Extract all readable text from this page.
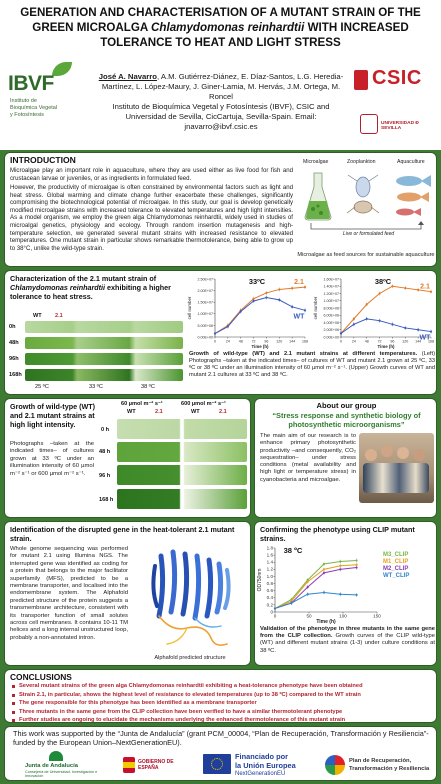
GENERATION AND CHARACTERISATION OF A MUTANT STRAIN OF THE GREEN MICROALGA Chlamydomonas reinhardtii WITH INCREASED TOLERANCE TO HEAT AND LIGHT STRESS
IBVF
Instituto de
Bioquímica Vegetal
y Fotosíntesis
José A. Navarro, A.M. Gutiérrez-Diánez, E. Díaz-Santos, L.G. Heredia-Martínez, L. López-Maury, J. Giner-Lamia, M. Hervás, J.M. Ortega, M. Roncel
Instituto de Bioquímica Vegetal y Fotosíntesis (IBVF), CSIC and Universidad de Sevilla, CicCartuja, Sevilla-Spain. Email: jnavarro@ibvf.csic.es
CSIC
UNIVERSIDAD Đ SEVILLA
INTRODUCTION
Microalgae play an important role in aquaculture, where they are used either as live food for fish and crustacean larvae or juveniles, or as ingredients in formulated feed.
However, the productivity of microalgae is often constrained by environmental factors such as light and heat stress. Global warming and climate change further exacerbate these challenges, significantly compromising the biotechnological potential of microalgae. In this study, our goal is develop genetically modified microalgae strains with increased tolerance to elevated temperatures and high light intensities. As a model organism, we employ the green alga Chlamydomonas reinhardtii, widely used in studies of microalgal genetics, physiology and ecology. Through random insertion mutagenesis and high-temperature selection, we generated several mutant strains with increased resistance to elevated temperatures. One mutant strain in particular shows remarkable thermotolerance, being able to grow up to 38°C, unlike the wild-type strain.
Microalgae	Zooplankton	Aquaculture
Live or formulated feed
Microalgae as feed sources for sustainable aquaculture
Characterization of the 2.1 mutant strain of Chlamydomonas reinhardtii exhibiting a higher tolerance to heat stress.
WT 2.1
0h
48h
96h
168h
25 ºC	33 ºC	38 ºC
0.00E+00
5.00E+06
1.00E+07
1.50E+07
2.00E+07
2.50E+07
0	24 48 72 96 120 144 168
Time (h)
cell number
33ºC	2.1
WT
0.00E+00
2.00E+06
4.00E+06
6.00E+06
8.00E+06
1.00E+07
1.20E+07
1.40E+07
1.60E+07
0	24 48 72 96 120 144 168
Time (h)
cell number
38ºC
2.1
WT
Growth of wild-type (WT) and 2.1 mutant strains at different temperatures. (Left) Photographs –taken at the indicated times– of cultures of WT and mutant 2.1 grown at 25 ºC, 33 ºC or 38 ºC under an illumination intensity of 60 µmol m⁻² s⁻¹. (Upper) Growth curves of WT and mutant 2.1 cultures at 33 ºC and 38 ºC.
Growth of wild-type (WT) and 2.1 mutant strains at high light intensity.
Photographs –taken at the indicated times– of cultures grown at 33 ºC under an illumination intensity of 60 µmol m⁻² s⁻¹ or 600 µmol m⁻² s⁻¹.
60 µmol m⁻² s⁻¹	600 µmol m⁻² s⁻¹
WT	2.1	WT	2.1
0 h
48 h
96 h
168 h
About our group
“Stress response and synthetic biology of photosynthetic microorganisms”
The main aim of our research is to enhance primary photosynthetic productivity –and consequently, CO₂ sequestration– under stress conditions (metal availability and high light or temperature stress) in cyanobacteria and microalgae.
Identification of the disrupted gene in the heat-tolerant 2.1 mutant strain.
Whole genome sequencing was performed for mutant 2.1 using Illumina NGS. The interrupted gene was identified as coding for a protein that belongs to the major facilitator superfamily (MFS), predicted to be a membrane transporter, and localised into the endomembrane system. The Alphafold predicted structure of the protein suggests a transmembrane architecture, consistent with its transporter function of small solutes across cell membranes. It contains 10-11 TM helices and a long internal unstructured loop, probably a non-annotated intron.
Alphafold predicted structure
Confirming the phenotype using CLIP mutant strains.
0
0.2
0.4
0.6
0.8
1.0
1.2
1.4
1.6
1.8
0	50	100	150
Time (h)
OD750nm
38 ºC	M3_CLIP
M1_CLIP
M2_CLIP
WT_CLIP
Validation of the phenotype in three mutants in the same gene from the CLIP collection. Growth curves of the CLIP wild-type (WT) and different mutant strains (1-3) under culture conditions at 38 ºC.
CONCLUSIONS
Several mutant strains of the green alga Chlamydomonas reinhardtii exhibiting a heat-tolerance phenotype have been obtained
Strain 2.1, in particular, shows the highest level of resistance to elevated temperatures (up to 38 ºC) compared to the WT strain
The gene responsible for this phenotype has been identified as a membrane transporter
Three mutants in the same gene from the CLIP collection have been verified to have a similar thermotolerant phenotype
Further studies are ongoing to elucidate the mechanisms underlying the enhanced thermotolerance of this mutant strain
This work was supported by the “Junta de Andalucía” (grant PCM_00004, “Plan de Recuperación, Transformación y Resiliencia”-funded by the European Union–NextGenerationEU).
Junta de Andalucía
Consejería de Universidad, Investigación e Innovación
GOBIERNO DE ESPAÑA
Financiado por
la Unión Europea
NextGenerationEU
Plan de Recuperación,
Transformación y Resiliencia
